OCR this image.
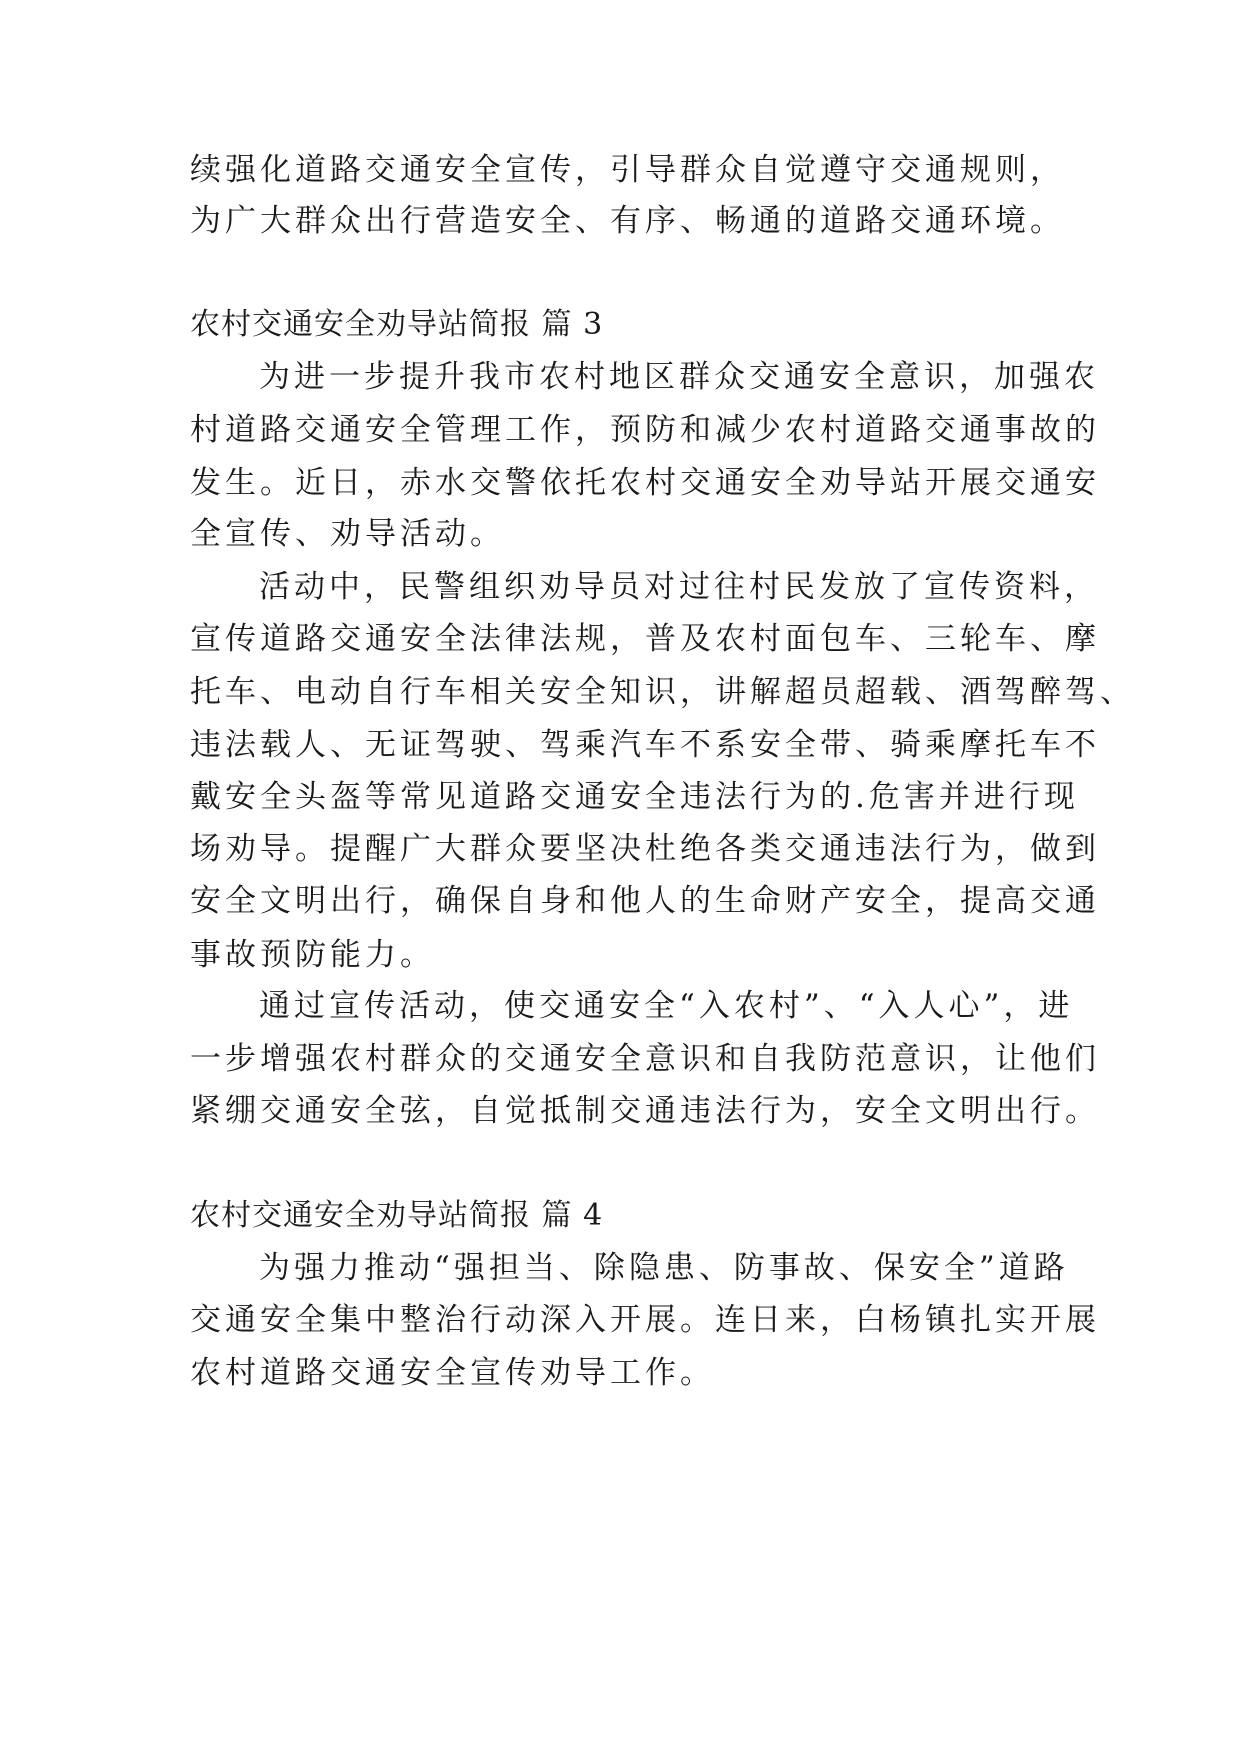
续强化道路交通安全宣传，引导群众自觉遵守交通规则，
为广大群众出行营造安全、有序、畅通的道路交通环境。
农村交通安全劝导站简报 篇 3
为进一步提升我市农村地区群众交通安全意识，加强农
村道路交通安全管理工作，预防和减少农村道路交通事故的
发生。近日，赤水交警依托农村交通安全劝导站开展交通安
全宣传、劝导活动。
活动中，民警组织劝导员对过往村民发放了宣传资料，
宣传道路交通安全法律法规，普及农村面包车、三轮车、摩
托车、电动自行车相关安全知识，讲解超员超载、酒驾醉驾、
违法载人、无证驾驶、驾乘汽车不系安全带、骑乘摩托车不
戴安全头盔等常见道路交通安全违法行为的.危害并进行现
场劝导。提醒广大群众要坚决杜绝各类交通违法行为，做到
安全文明出行，确保自身和他人的生命财产安全，提高交通
事故预防能力。
通过宣传活动，使交通安全“入农村”、“入人心”，进
一步增强农村群众的交通安全意识和自我防范意识，让他们
紧绷交通安全弦，自觉抵制交通违法行为，安全文明出行。
农村交通安全劝导站简报 篇 4
为强力推动“强担当、除隐患、防事故、保安全”道路
交通安全集中整治行动深入开展。连日来，白杨镇扎实开展
农村道路交通安全宣传劝导工作。
